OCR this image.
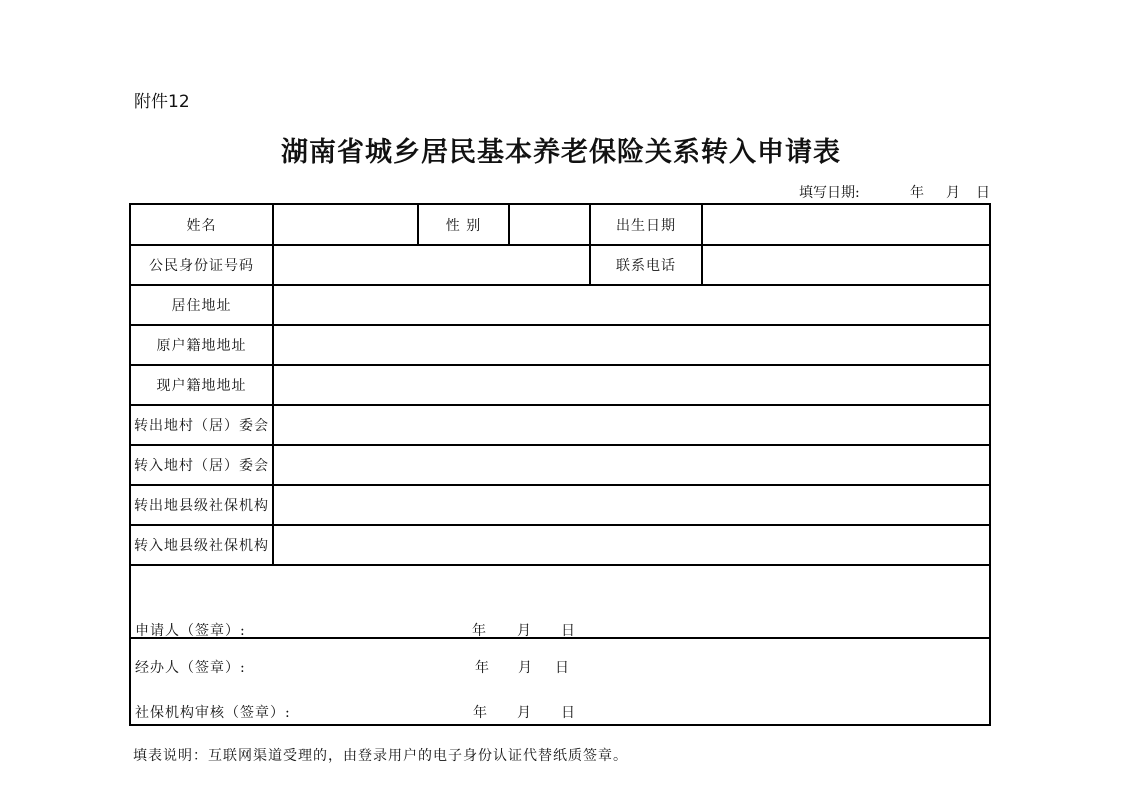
附件12
湖南省城乡居民基本养老保险关系转入申请表
填写日期:	年 月 日
姓名	性 别	出生日期
公民身份证号码	联系电话
居住地址
原户籍地地址
现户籍地地址
转出地村（居）委会
转入地村（居）委会
转出地县级社保机构
转入地县级社保机构
申请人（签章）:	年 月 日
经办人（签章）:	年 月 日
社保机构审核（签章）:	年 月 日
填表说明：互联网渠道受理的，由登录用户的电子身份认证代替纸质签章。
